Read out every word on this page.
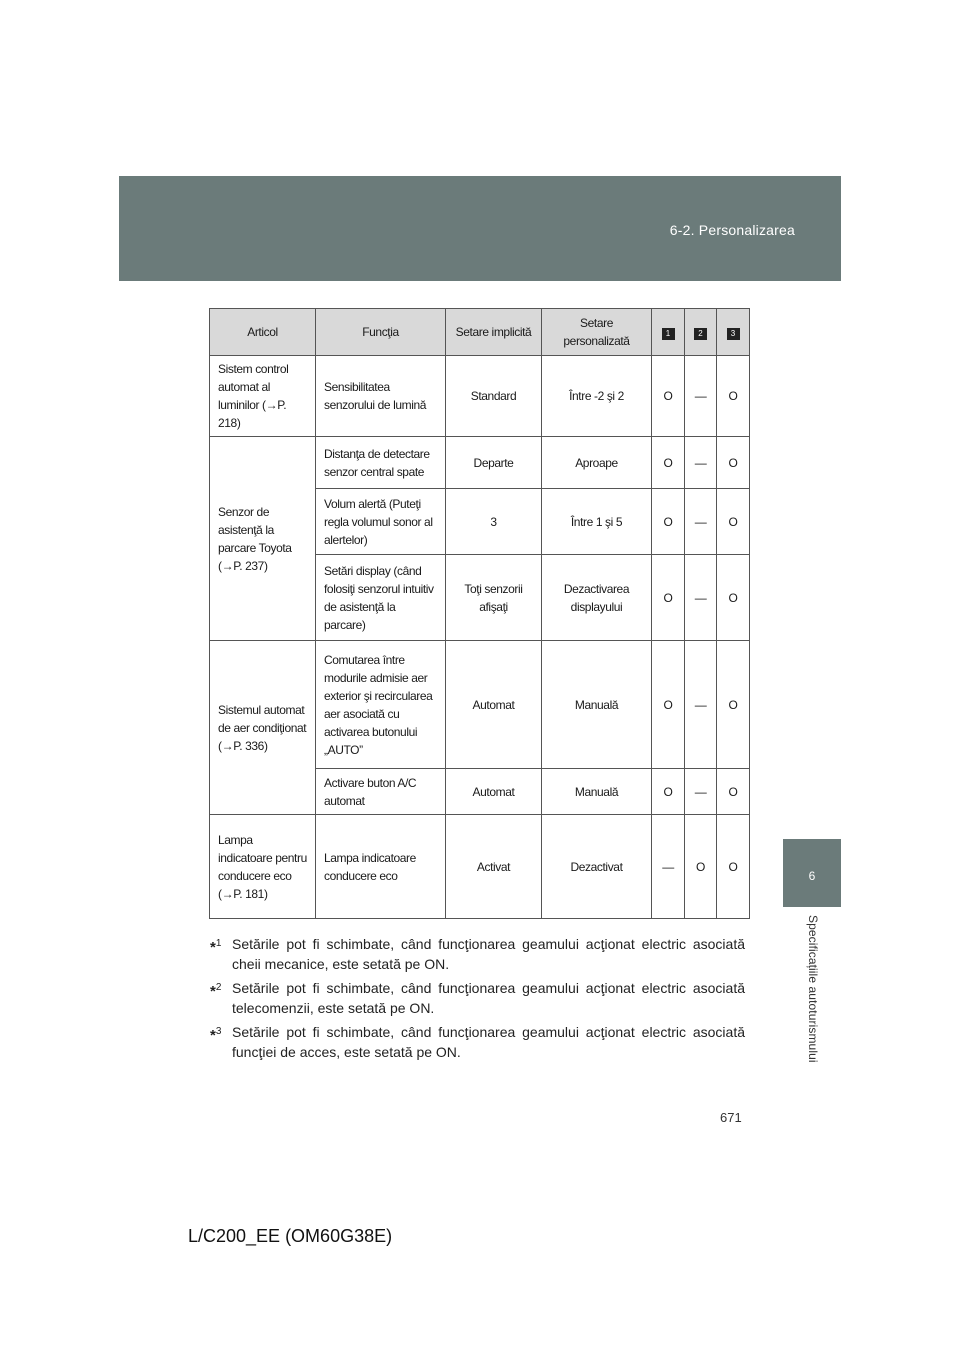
6-2. Personalizarea
6
Specificațiile autoturismului
Articol	Funcţia	Setare implicită	Setare personalizată	1	2	3
Sistem control automat al luminilor (→P. 218)	Sensibilitatea senzorului de lumină	Standard	Între -2 şi 2	O	—	O
Senzor de asistenţă la parcare Toyota (→P. 237)	Distanţa de detectare senzor central spate	Departe	Aproape	O	—	O
	Volum alertă (Puteţi regla volumul sonor al alertelor)	3	Între 1 şi 5	O	—	O
	Setări display (când folosiţi senzorul intuitiv de asistenţă la parcare)	Toţi senzorii afişaţi	Dezactivarea displayului	O	—	O
Sistemul automat de aer condiţionat (→P. 336)	Comutarea între modurile admisie aer exterior şi recircularea aer asociată cu activarea butonului „AUTO”	Automat	Manuală	O	—	O
	Activare buton A/C automat	Automat	Manuală	O	—	O
Lampa indicatoare pentru conducere eco (→P. 181)	Lampa indicatoare conducere eco	Activat	Dezactivat	—	O	O
*$^1$ Setările pot fi schimbate, când funcţionarea geamului acţionat electric asociată cheii mecanice, este setată pe ON.
*$^2$ Setările pot fi schimbate, când funcţionarea geamului acţionat electric asociată telecomenzii, este setată pe ON.
*$^3$ Setările pot fi schimbate, când funcţionarea geamului acţionat electric asociată funcţiei de acces, este setată pe ON.
671
L/C200_EE (OM60G38E)
